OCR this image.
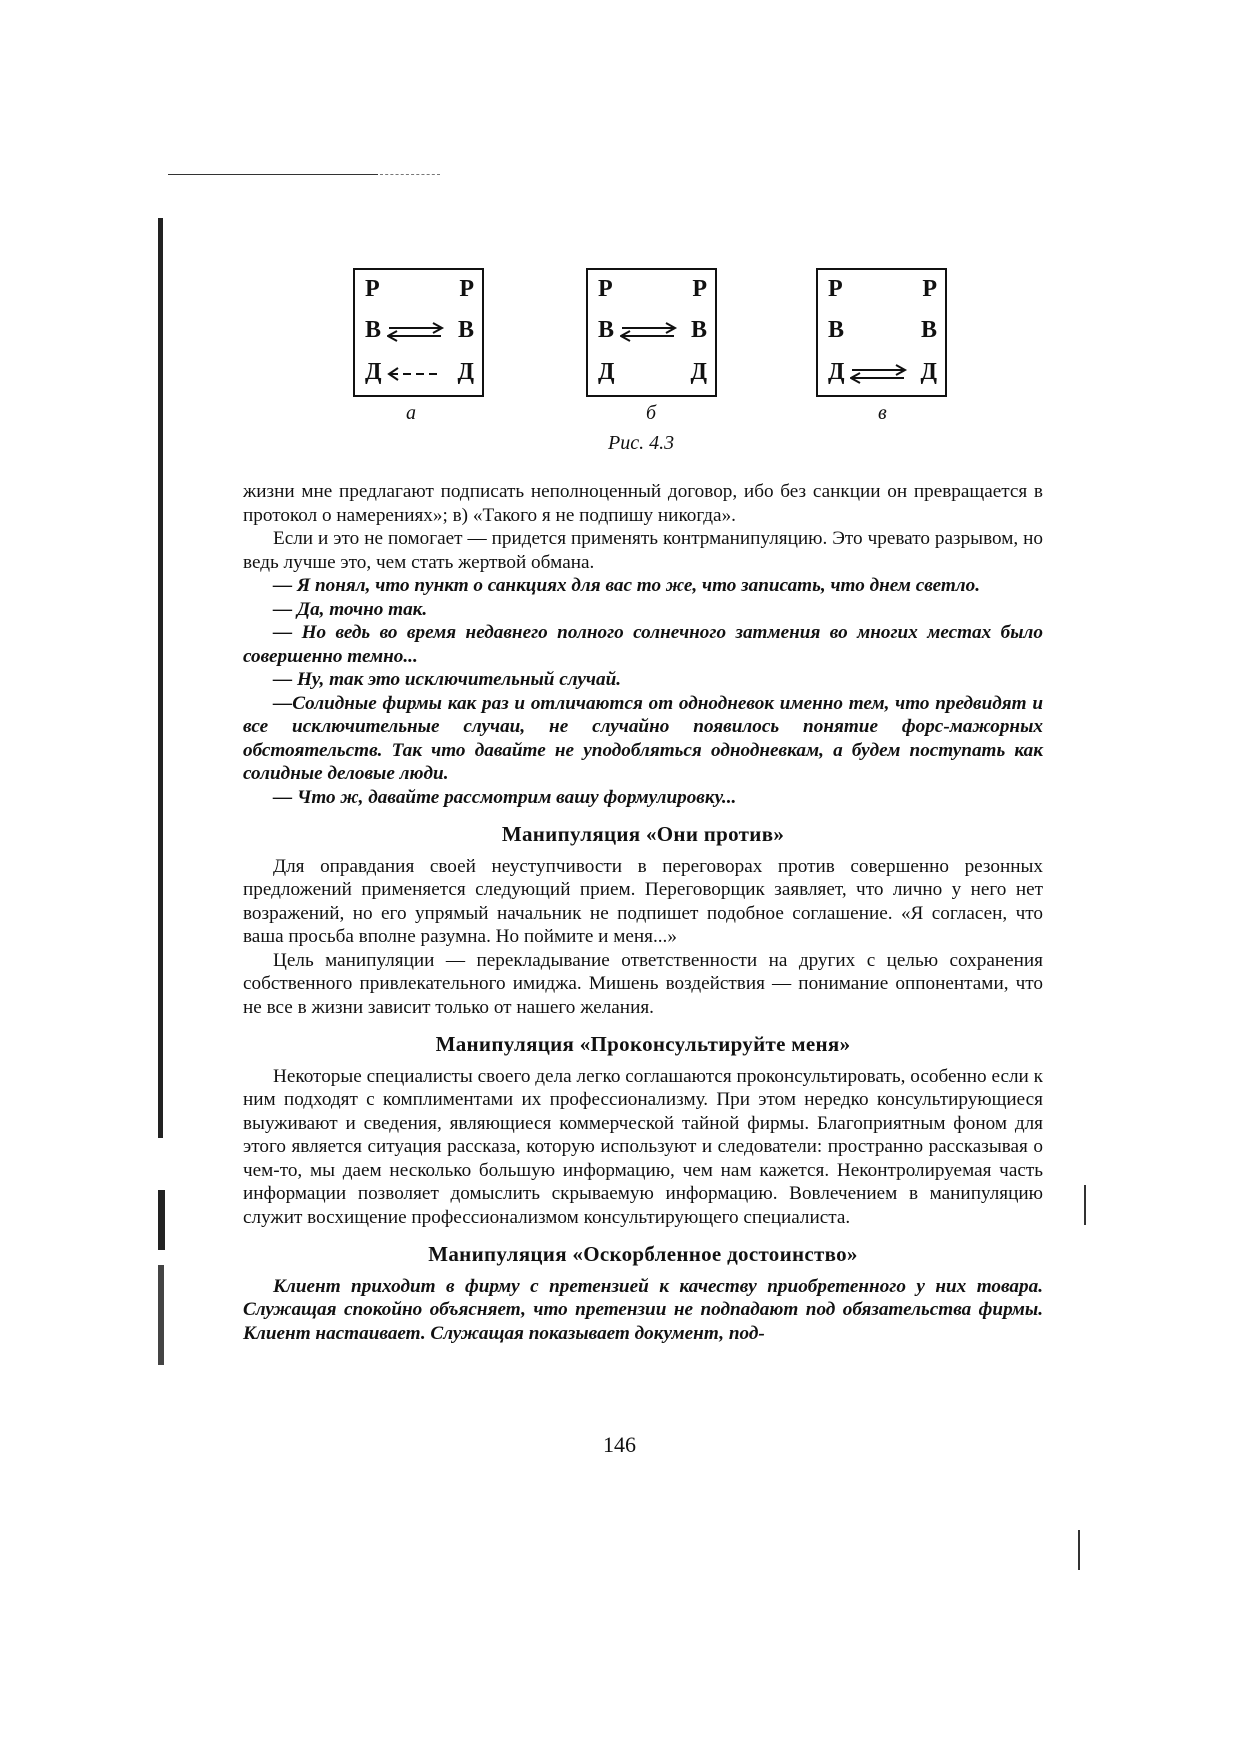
Р	Р
В	В
Д	Д
а
Р	Р
В	В
Д	Д
б
Р	Р
В	В
Д	Д
в
Рис. 4.3

жизни мне предлагают подписать неполноценный договор, ибо без санкции он превращается в протокол о намерениях»; в) «Такого я не подпишу никогда».

Если и это не помогает — придется применять контрманипуляцию. Это чревато разрывом, но ведь лучше это, чем стать жертвой обмана.

— Я понял, что пункт о санкциях для вас то же, что записать, что днем светло.

— Да, точно так.

— Но ведь во время недавнего полного солнечного затмения во многих местах было совершенно темно...

— Ну, так это исключительный случай.

—Солидные фирмы как раз и отличаются от однодневок именно тем, что предвидят и все исключительные случаи, не случайно появилось понятие форс-мажорных обстоятельств. Так что давайте не уподобляться однодневкам, а будем поступать как солидные деловые люди.

— Что ж, давайте рассмотрим вашу формулировку...

Манипуляция «Они против»

Для оправдания своей неуступчивости в переговорах против совершенно резонных предложений применяется следующий прием. Переговорщик заявляет, что лично у него нет возражений, но его упрямый начальник не подпишет подобное соглашение. «Я согласен, что ваша просьба вполне разумна. Но поймите и меня...»

Цель манипуляции — перекладывание ответственности на других с целью сохранения собственного привлекательного имиджа. Мишень воздействия — понимание оппонентами, что не все в жизни зависит только от нашего желания.

Манипуляция «Проконсультируйте меня»

Некоторые специалисты своего дела легко соглашаются проконсультировать, особенно если к ним подходят с комплиментами их профессионализму. При этом нередко консультирующиеся выуживают и сведения, являющиеся коммерческой тайной фирмы. Благоприятным фоном для этого является ситуация рассказа, которую используют и следователи: пространно рассказывая о чем-то, мы даем несколько большую информацию, чем нам кажется. Неконтролируемая часть информации позволяет домыслить скрываемую информацию. Вовлечением в манипуляцию служит восхищение профессионализмом консультирующего специалиста.

Манипуляция «Оскорбленное достоинство»

Клиент приходит в фирму с претензией к качеству приобретенного у них товара. Служащая спокойно объясняет, что претензии не подпадают под обязательства фирмы. Клиент настаивает. Служащая показывает документ, под-

146
